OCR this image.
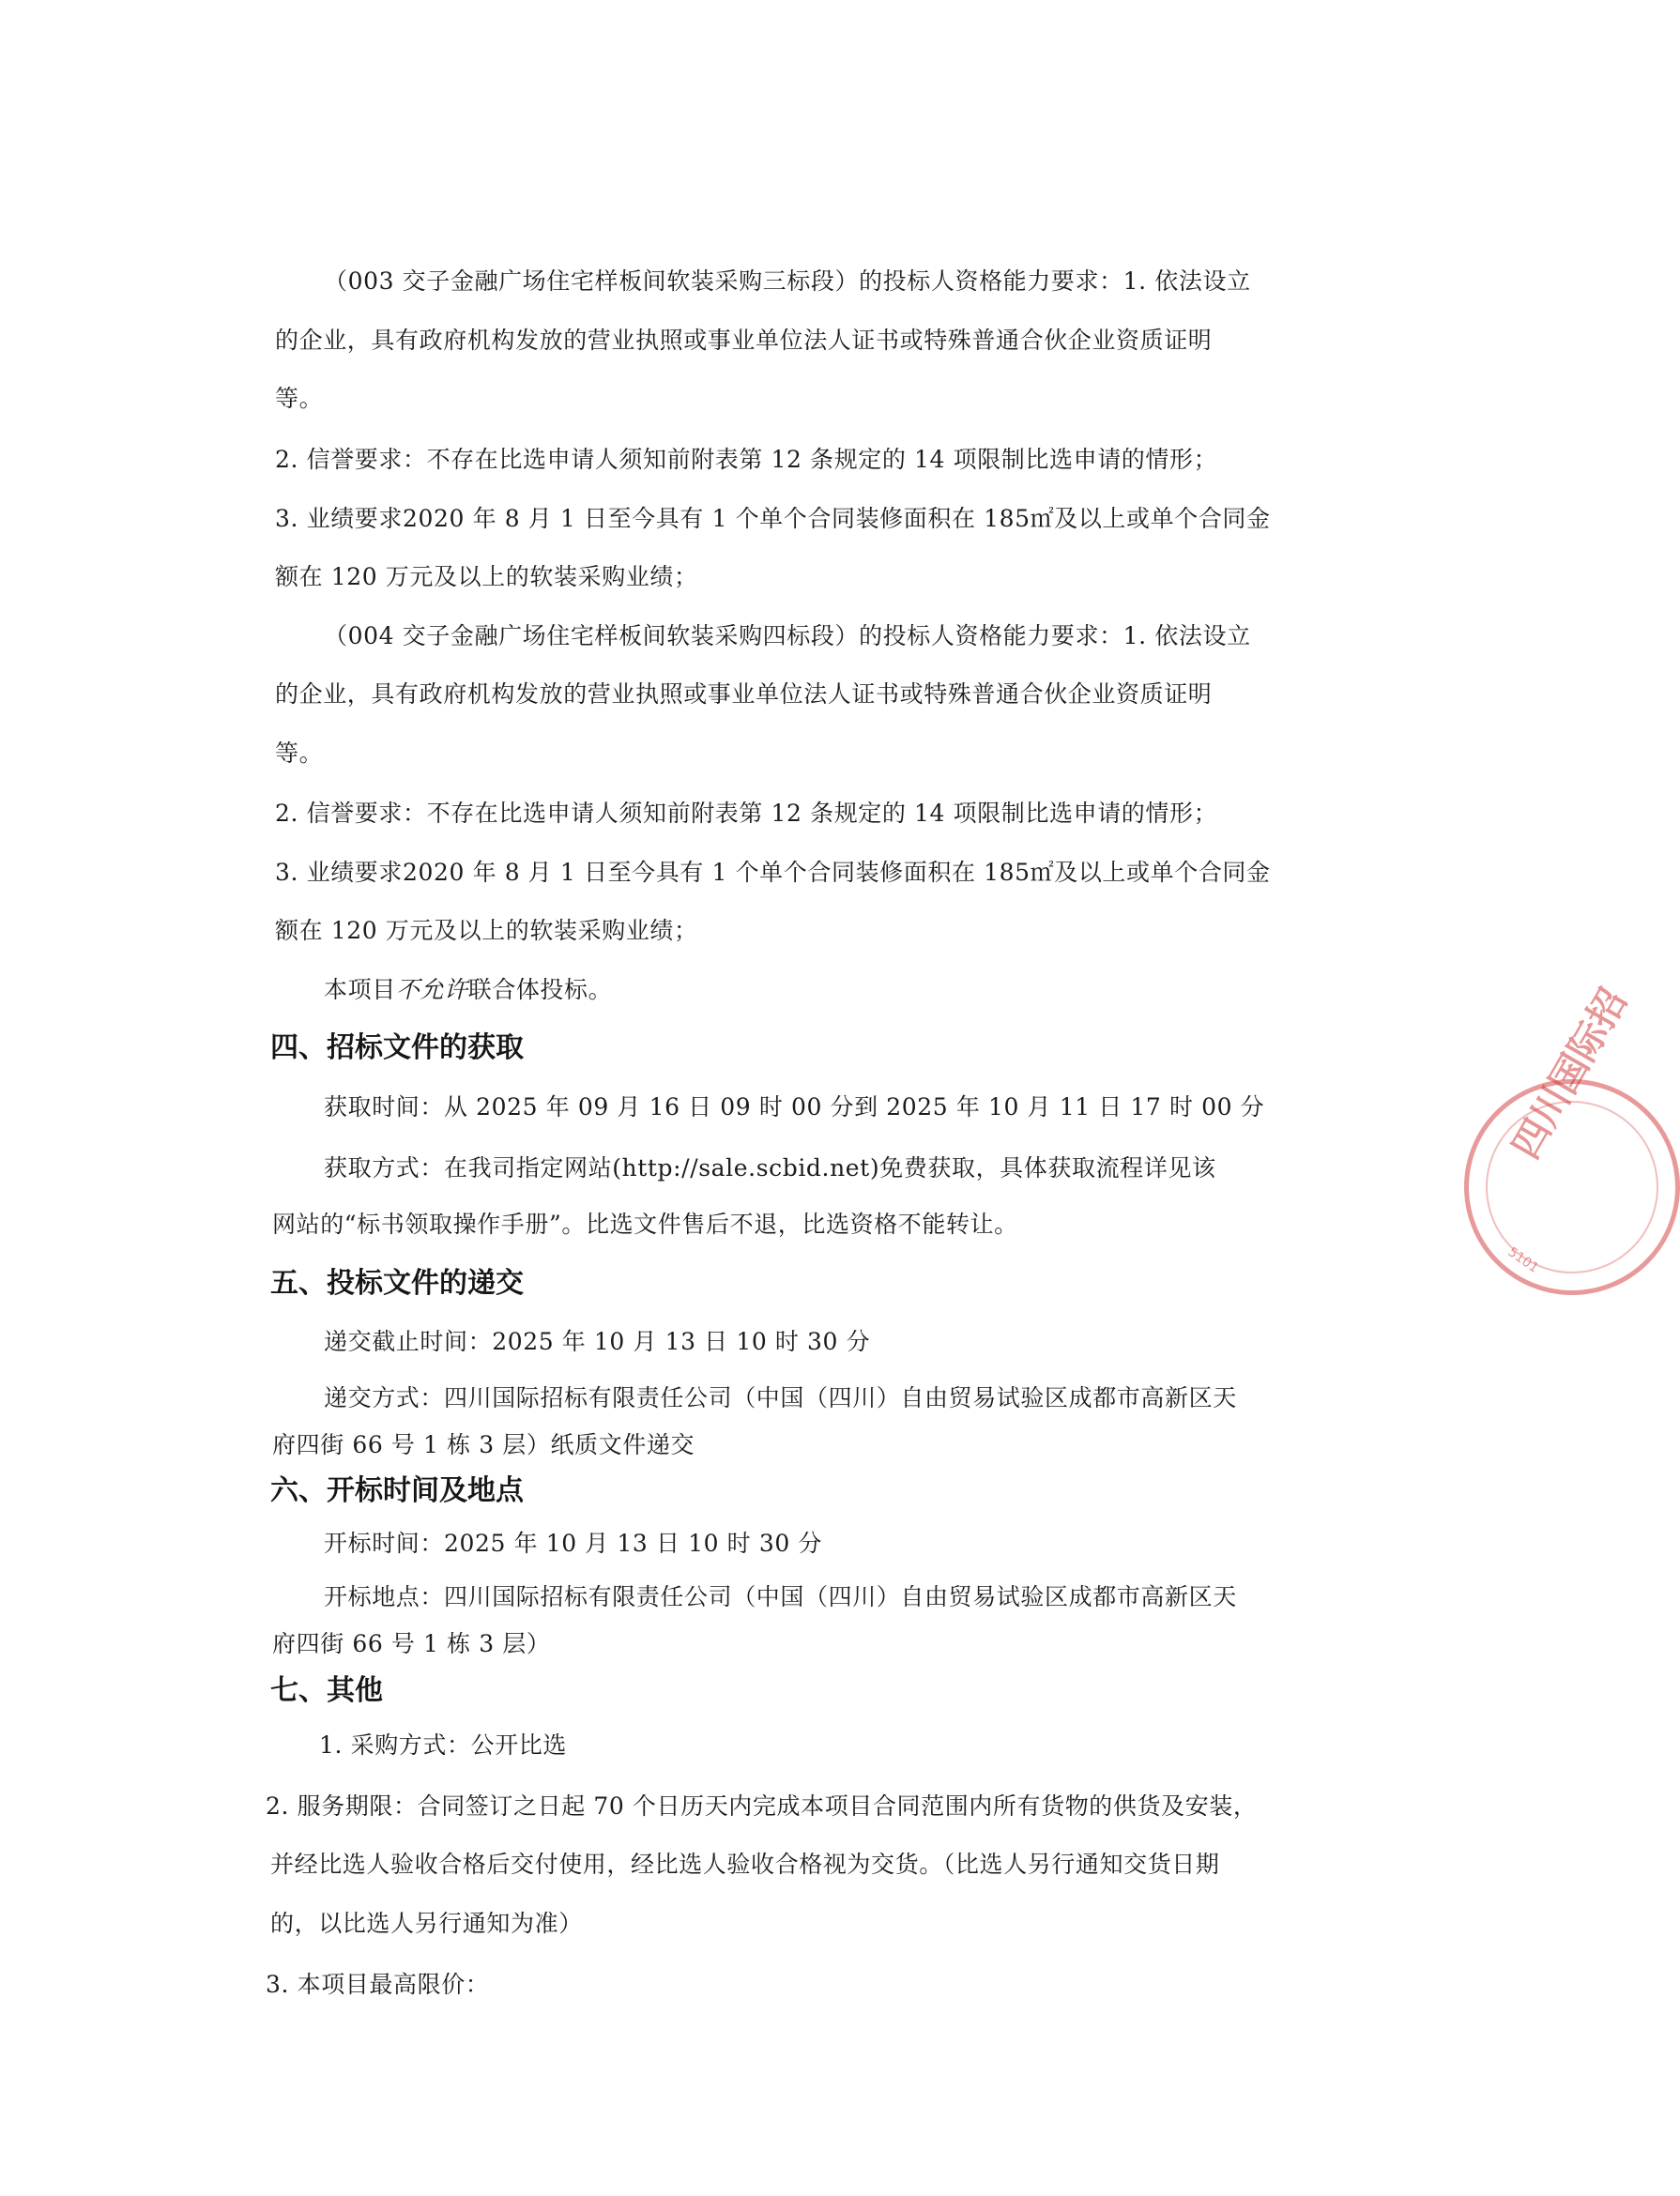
（003 交子金融广场住宅样板间软装采购三标段）的投标人资格能力要求：1. 依法设立
的企业，具有政府机构发放的营业执照或事业单位法人证书或特殊普通合伙企业资质证明
等。
2. 信誉要求：不存在比选申请人须知前附表第 12 条规定的 14 项限制比选申请的情形；
3. 业绩要求2020 年 8 月 1 日至今具有 1 个单个合同装修面积在 185㎡及以上或单个合同金
额在 120 万元及以上的软装采购业绩；
（004 交子金融广场住宅样板间软装采购四标段）的投标人资格能力要求：1. 依法设立
的企业，具有政府机构发放的营业执照或事业单位法人证书或特殊普通合伙企业资质证明
等。
2. 信誉要求：不存在比选申请人须知前附表第 12 条规定的 14 项限制比选申请的情形；
3. 业绩要求2020 年 8 月 1 日至今具有 1 个单个合同装修面积在 185㎡及以上或单个合同金
额在 120 万元及以上的软装采购业绩；
本项目不允许联合体投标。
四、招标文件的获取
获取时间：从 2025 年 09 月 16 日 09 时 00 分到 2025 年 10 月 11 日 17 时 00 分
获取方式：在我司指定网站(http://sale.scbid.net)免费获取，具体获取流程详见该
网站的“标书领取操作手册”。比选文件售后不退，比选资格不能转让。
五、投标文件的递交
递交截止时间：2025 年 10 月 13 日 10 时 30 分
递交方式：四川国际招标有限责任公司（中国（四川）自由贸易试验区成都市高新区天
府四街 66 号 1 栋 3 层）纸质文件递交
六、开标时间及地点
开标时间：2025 年 10 月 13 日 10 时 30 分
开标地点：四川国际招标有限责任公司（中国（四川）自由贸易试验区成都市高新区天
府四街 66 号 1 栋 3 层）
七、其他
1. 采购方式：公开比选
2. 服务期限：合同签订之日起 70 个日历天内完成本项目合同范围内所有货物的供货及安装，
并经比选人验收合格后交付使用，经比选人验收合格视为交货。（比选人另行通知交货日期
的，以比选人另行通知为准）
3. 本项目最高限价：
四川国际招
5101
